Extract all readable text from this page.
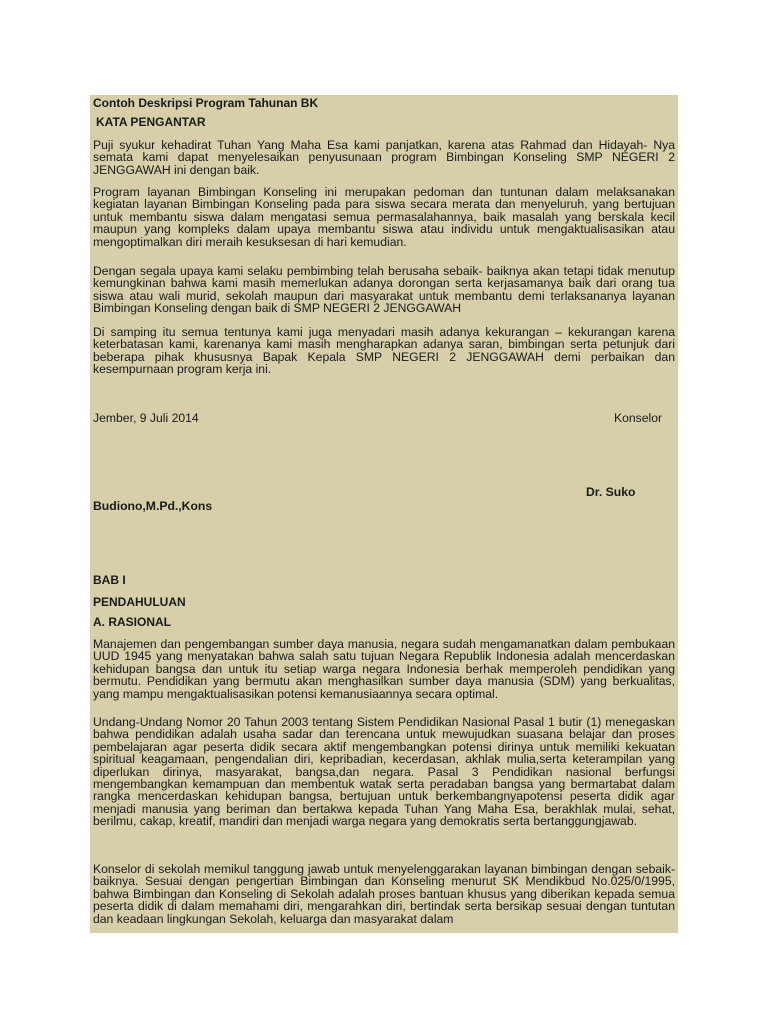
Contoh Deskripsi Program Tahunan BK
KATA PENGANTAR
Puji syukur kehadirat Tuhan Yang Maha Esa kami panjatkan, karena atas Rahmad dan Hidayah- Nya semata kami dapat menyelesaikan penyusunaan program Bimbingan Konseling SMP NEGERI 2 JENGGAWAH ini dengan baik.
Program layanan Bimbingan Konseling ini merupakan pedoman dan tuntunan dalam melaksanakan kegiatan layanan Bimbingan Konseling pada para siswa secara merata dan menyeluruh, yang bertujuan untuk membantu siswa dalam mengatasi semua permasalahannya, baik masalah yang berskala kecil maupun yang kompleks dalam upaya membantu siswa atau individu untuk mengaktualisasikan atau mengoptimalkan diri meraih kesuksesan di hari kemudian.
Dengan segala upaya kami selaku pembimbing telah berusaha sebaik- baiknya akan tetapi tidak menutup kemungkinan bahwa kami masih memerlukan adanya dorongan serta kerjasamanya baik dari orang tua siswa atau wali murid, sekolah maupun dari masyarakat untuk membantu demi terlaksananya layanan Bimbingan Konseling dengan baik di SMP NEGERI 2 JENGGAWAH
Di samping itu semua tentunya kami juga menyadari masih adanya kekurangan – kekurangan karena keterbatasan kami, karenanya kami masih mengharapkan adanya saran, bimbingan serta petunjuk dari beberapa pihak khususnya Bapak Kepala SMP NEGERI 2 JENGGAWAH demi perbaikan dan kesempurnaan program kerja ini.
Jember, 9 Juli 2014	Konselor
Dr. Suko
Budiono,M.Pd.,Kons
BAB I
PENDAHULUAN
A. RASIONAL
Manajemen dan pengembangan sumber daya manusia, negara sudah mengamanatkan dalam pembukaan UUD 1945 yang menyatakan bahwa salah satu tujuan Negara Republik Indonesia adalah mencerdaskan kehidupan bangsa dan untuk itu setiap warga negara Indonesia berhak memperoleh pendidikan yang bermutu. Pendidikan yang bermutu akan menghasilkan sumber daya manusia (SDM) yang berkualitas, yang mampu mengaktualisasikan potensi kemanusiaannya secara optimal.
Undang-Undang Nomor 20 Tahun 2003 tentang Sistem Pendidikan Nasional Pasal 1 butir (1) menegaskan bahwa pendidikan adalah usaha sadar dan terencana untuk mewujudkan suasana belajar dan proses pembelajaran agar peserta didik secara aktif mengembangkan potensi dirinya untuk memiliki kekuatan spiritual keagamaan, pengendalian diri, kepribadian, kecerdasan, akhlak mulia,serta keterampilan yang diperlukan dirinya, masyarakat, bangsa,dan negara. Pasal 3 Pendidikan nasional berfungsi mengembangkan kemampuan dan membentuk watak serta peradaban bangsa yang bermartabat dalam rangka mencerdaskan kehidupan bangsa, bertujuan untuk berkembangnyapotensi peserta didik agar menjadi manusia yang beriman dan bertakwa kepada Tuhan Yang Maha Esa, berakhlak mulai, sehat, berilmu, cakap, kreatif, mandiri dan menjadi warga negara yang demokratis serta bertanggungjawab.
Konselor di sekolah memikul tanggung jawab untuk menyelenggarakan layanan bimbingan dengan sebaik-baiknya. Sesuai dengan pengertian Bimbingan dan Konseling menurut SK Mendikbud No.025/0/1995, bahwa Bimbingan dan Konseling di Sekolah adalah proses bantuan khusus yang diberikan kepada semua peserta didik di dalam memahami diri, mengarahkan diri, bertindak serta bersikap sesuai dengan tuntutan dan keadaan lingkungan Sekolah, keluarga dan masyarakat dalam
